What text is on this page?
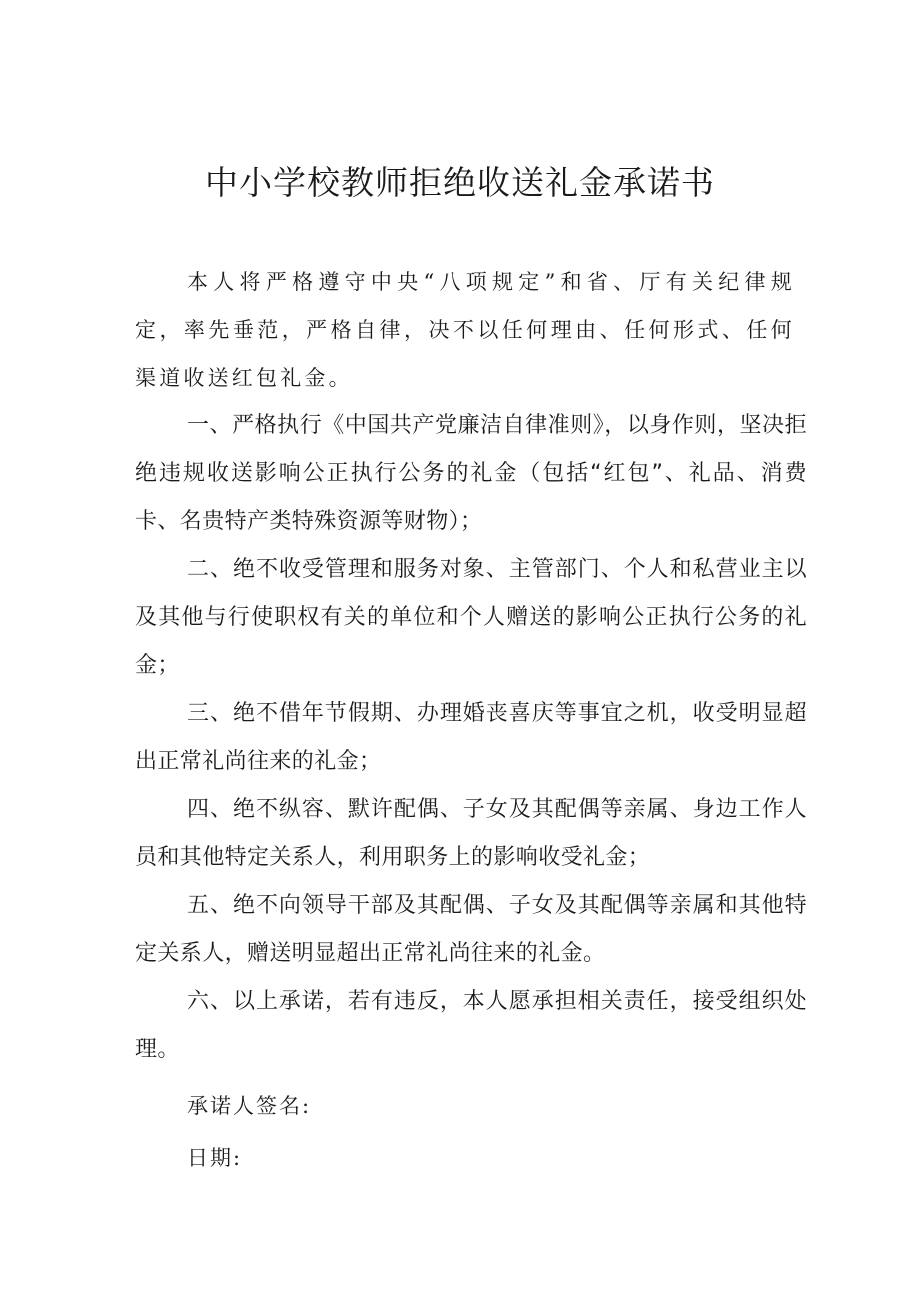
中小学校教师拒绝收送礼金承诺书

本人将严格遵守中央“八项规定”和省、厅有关纪律规定，率先垂范，严格自律，决不以任何理由、任何形式、任何渠道收送红包礼金。

一、严格执行《中国共产党廉洁自律准则》，以身作则，坚决拒绝违规收送影响公正执行公务的礼金（包括“红包”、礼品、消费卡、名贵特产类特殊资源等财物）；

二、绝不收受管理和服务对象、主管部门、个人和私营业主以及其他与行使职权有关的单位和个人赠送的影响公正执行公务的礼金；

三、绝不借年节假期、办理婚丧喜庆等事宜之机，收受明显超出正常礼尚往来的礼金；

四、绝不纵容、默许配偶、子女及其配偶等亲属、身边工作人员和其他特定关系人，利用职务上的影响收受礼金；

五、绝不向领导干部及其配偶、子女及其配偶等亲属和其他特定关系人，赠送明显超出正常礼尚往来的礼金。

六、以上承诺，若有违反，本人愿承担相关责任，接受组织处理。

承诺人签名:

日期:
